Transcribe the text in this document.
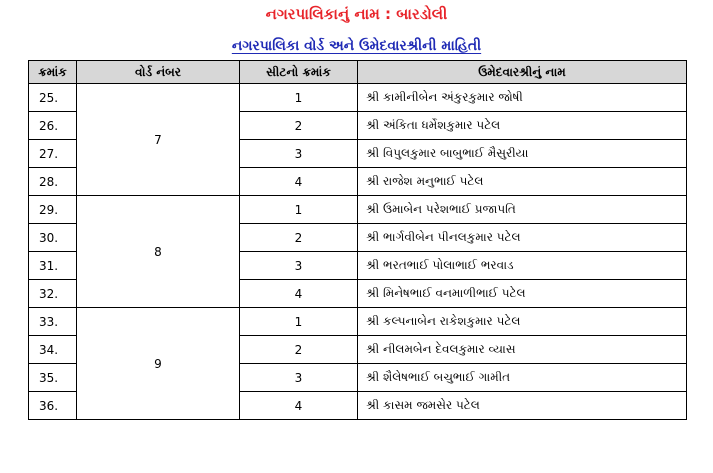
નગરપાલિકાનું નામ : બારડોલી
નગરપાલિકા વોર્ડ અને ઉમેદવારશ્રીની માહિતી
ક્રમાંક	વોર્ડ નંબર	સીટનો ક્રમાંક	ઉમેદવારશ્રીનું નામ
25.	7	1	શ્રી કામીનીબેન અંકુરકુમાર જોષી
26.		2	શ્રી અંકિતા ધર્મેશકુમાર પટેલ
27.		3	શ્રી વિપુલકુમાર બાબુભાઈ મૈસુરીયા
28.		4	શ્રી રાજેશ મનુભાઈ પટેલ
29.	8	1	શ્રી ઉમાબેન પરેશભાઈ પ્રજાપતિ
30.		2	શ્રી ભાર્ગવીબેન પીનલકુમાર પટેલ
31.		3	શ્રી ભરતભાઈ પોલાભાઈ ભરવાડ
32.		4	શ્રી મિનેષભાઈ વનમાળીભાઈ પટેલ
33.	9	1	શ્રી કલ્પનાબેન રાકેશકુમાર પટેલ
34.		2	શ્રી નીલમબેન દેવલકુમાર વ્યાસ
35.		3	શ્રી શૈલેષભાઈ બચુભાઈ ગામીત
36.		4	શ્રી કાસમ જમસેર પટેલ
